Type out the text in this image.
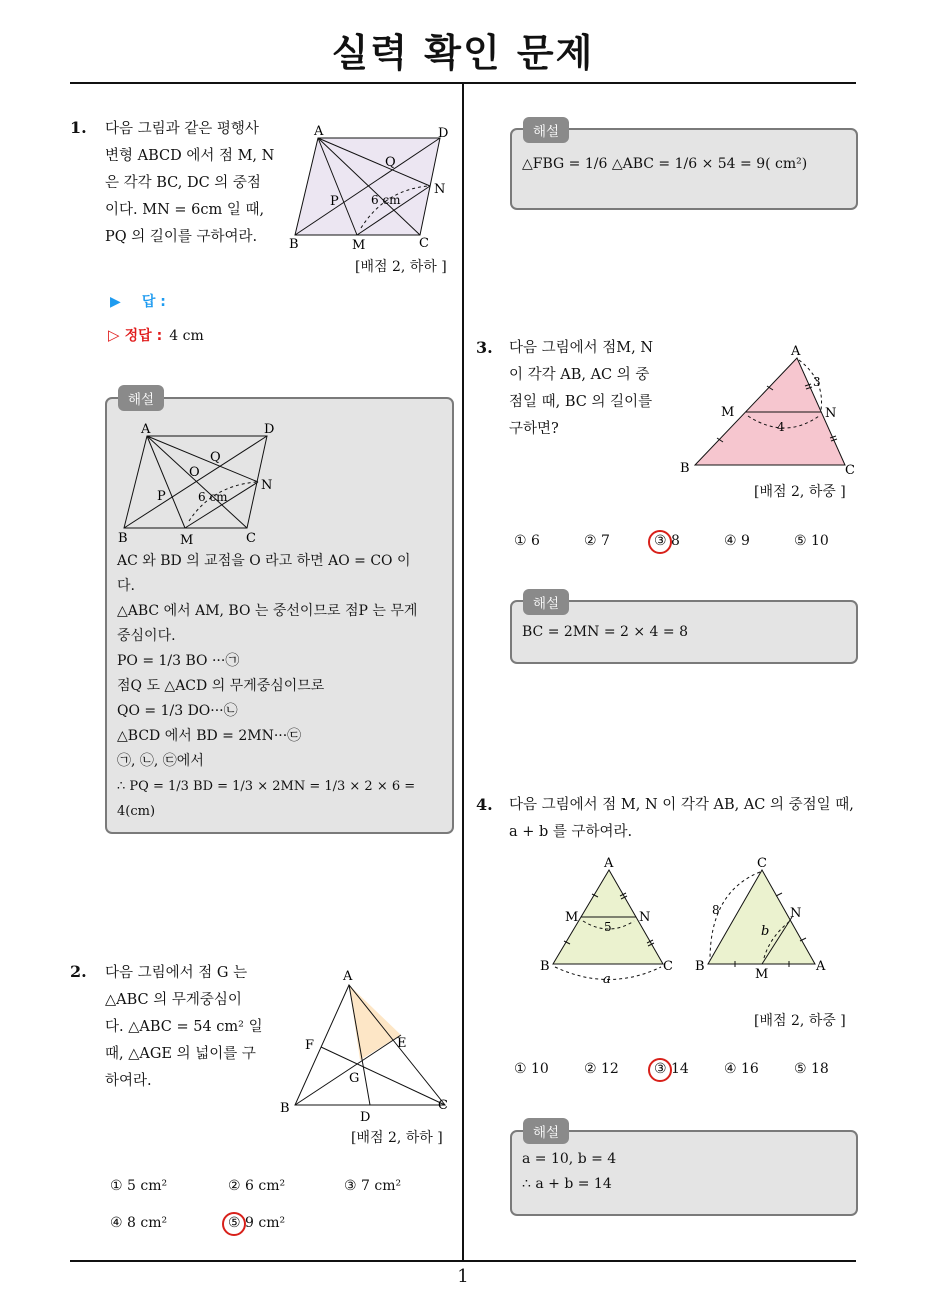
실력 확인 문제
1
1. 다음 그림과 같은 평행사
변형 ABCD 에서 점 M, N
은 각각 BC, DC 의 중점
이다. MN = 6cm 일 때,
PQ 의 길이를 구하여라.
A	D
B	M	C
N
Q
P	6 cm
[배점 2, 하하 ]
▶ 답 :
▷ 정답 : 4 cm
해설
A	D
B	M	C
N
Q
O
P	6 cm
AC 와 BD 의 교점을 O 라고 하면 AO = CO 이
다.
△ABC 에서 AM, BO 는 중선이므로 점P 는 무게
중심이다.
PO = 1/3 BO ···㉠
점Q 도 △ACD 의 무게중심이므로
QO = 1/3 DO···㉡
△BCD 에서 BD = 2MN···㉢
㉠, ㉡, ㉢에서
∴ PQ = 1/3 BD = 1/3 × 2MN = 1/3 × 2 × 6 = 4(cm)
2. 다음 그림에서 점 G 는
△ABC 의 무게중심이
다. △ABC = 54 cm² 일
때, △AGE 의 넓이를 구
하여라.
A
B	C
D
E
F
G
[배점 2, 하하 ]
① 5 cm²	② 6 cm²	③ 7 cm²
④ 8 cm²	⑤ 9 cm²
해설
△FBG = 1/6 △ABC = 1/6 × 54 = 9( cm²)
3. 다음 그림에서 점M, N
이 각각 AB, AC 의 중
점일 때, BC 의 길이를
구하면?
A
M	N
B	C
3
4
[배점 2, 하중 ]
① 6	② 7	③ 8	④ 9	⑤ 10
해설
BC = 2MN = 2 × 4 = 8
4. 다음 그림에서 점 M, N 이 각각 AB, AC 의 중점일 때,
a + b 를 구하여라.
A
M	N
B	C
5
a
C
N
B
M
A
8
b
[배점 2, 하중 ]
① 10	② 12	③ 14	④ 16	⑤ 18
해설
a = 10, b = 4
∴ a + b = 14
